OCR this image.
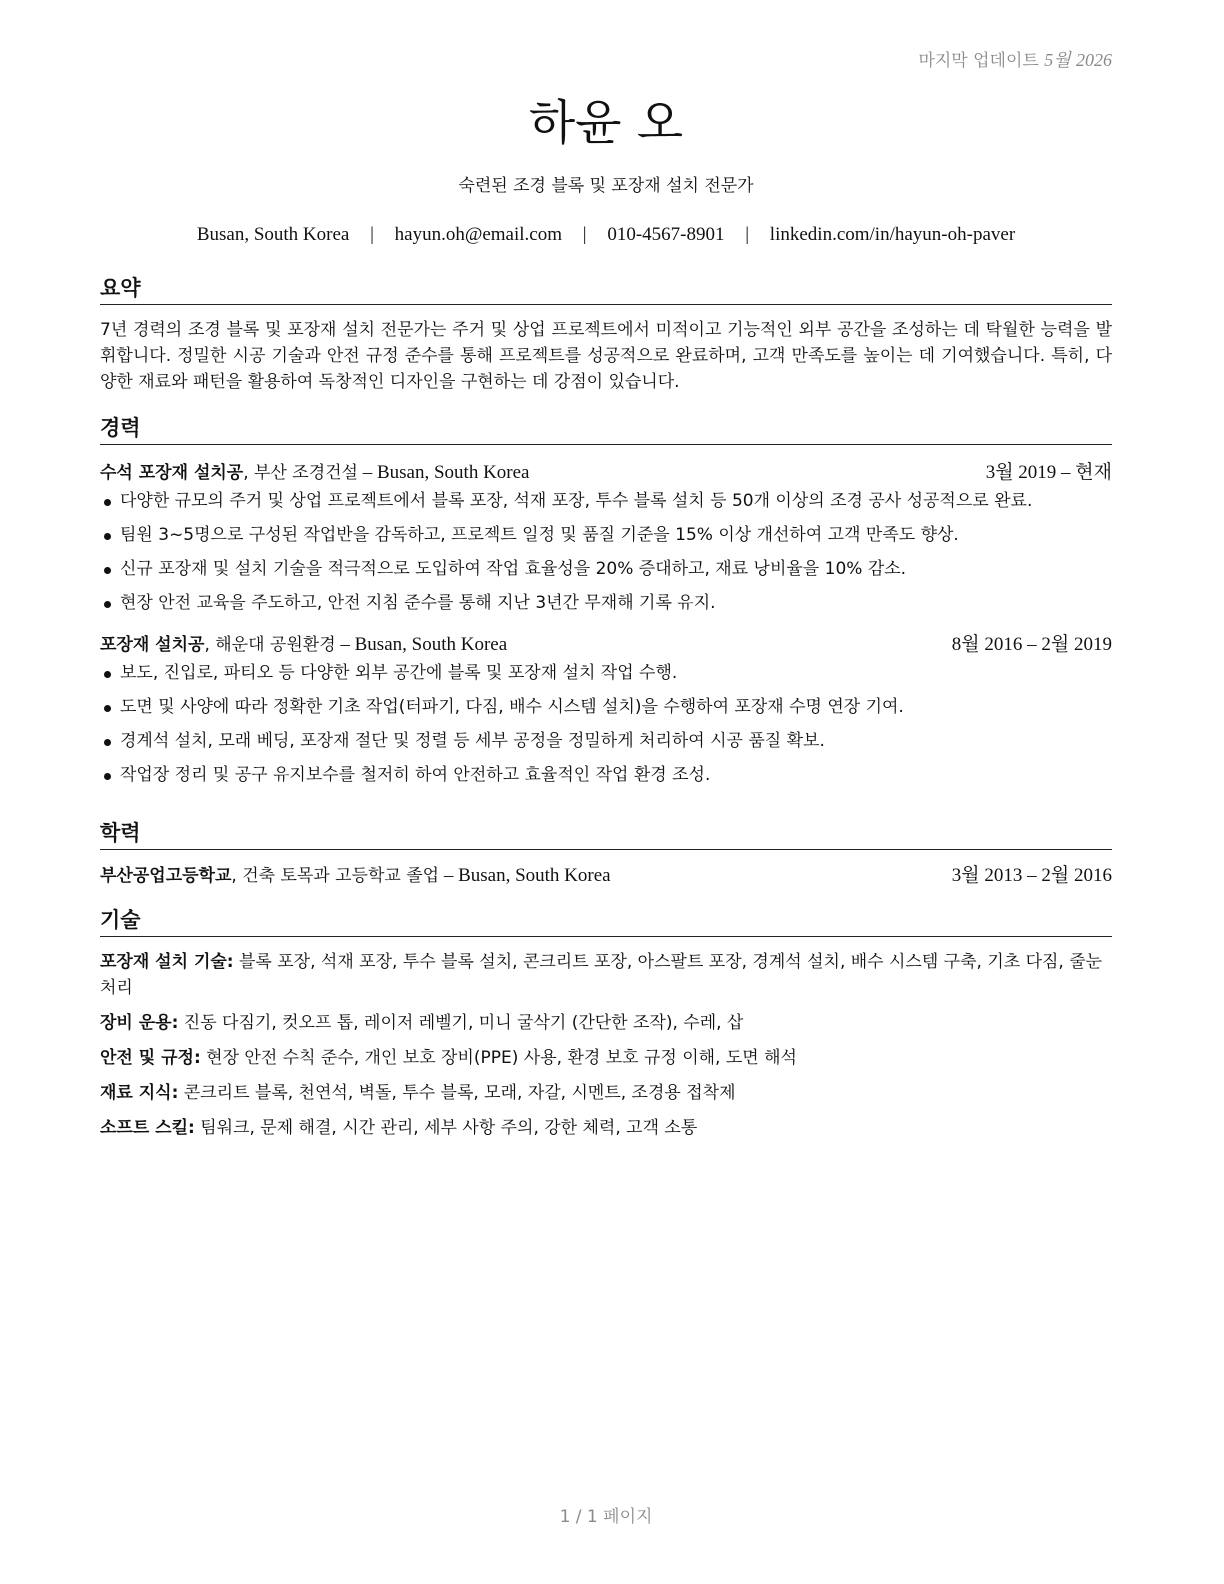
마지막 업데이트 5월 2026
하윤 오
숙련된 조경 블록 및 포장재 설치 전문가
Busan, South Korea | hayun.oh@email.com | 010-4567-8901 | linkedin.com/in/hayun-oh-paver
요약
7년 경력의 조경 블록 및 포장재 설치 전문가는 주거 및 상업 프로젝트에서 미적이고 기능적인 외부 공간을 조성하는 데 탁월한 능력을 발휘합니다. 정밀한 시공 기술과 안전 규정 준수를 통해 프로젝트를 성공적으로 완료하며, 고객 만족도를 높이는 데 기여했습니다. 특히, 다양한 재료와 패턴을 활용하여 독창적인 디자인을 구현하는 데 강점이 있습니다.
경력
수석 포장재 설치공, 부산 조경건설 – Busan, South Korea	3월 2019 – 현재
다양한 규모의 주거 및 상업 프로젝트에서 블록 포장, 석재 포장, 투수 블록 설치 등 50개 이상의 조경 공사 성공적으로 완료.
팀원 3~5명으로 구성된 작업반을 감독하고, 프로젝트 일정 및 품질 기준을 15% 이상 개선하여 고객 만족도 향상.
신규 포장재 및 설치 기술을 적극적으로 도입하여 작업 효율성을 20% 증대하고, 재료 낭비율을 10% 감소.
현장 안전 교육을 주도하고, 안전 지침 준수를 통해 지난 3년간 무재해 기록 유지.
포장재 설치공, 해운대 공원환경 – Busan, South Korea	8월 2016 – 2월 2019
보도, 진입로, 파티오 등 다양한 외부 공간에 블록 및 포장재 설치 작업 수행.
도면 및 사양에 따라 정확한 기초 작업(터파기, 다짐, 배수 시스템 설치)을 수행하여 포장재 수명 연장 기여.
경계석 설치, 모래 베딩, 포장재 절단 및 정렬 등 세부 공정을 정밀하게 처리하여 시공 품질 확보.
작업장 정리 및 공구 유지보수를 철저히 하여 안전하고 효율적인 작업 환경 조성.
학력
부산공업고등학교, 건축 토목과 고등학교 졸업 – Busan, South Korea	3월 2013 – 2월 2016
기술
포장재 설치 기술: 블록 포장, 석재 포장, 투수 블록 설치, 콘크리트 포장, 아스팔트 포장, 경계석 설치, 배수 시스템 구축, 기초 다짐, 줄눈 처리
장비 운용: 진동 다짐기, 컷오프 톱, 레이저 레벨기, 미니 굴삭기 (간단한 조작), 수레, 삽
안전 및 규정: 현장 안전 수칙 준수, 개인 보호 장비(PPE) 사용, 환경 보호 규정 이해, 도면 해석
재료 지식: 콘크리트 블록, 천연석, 벽돌, 투수 블록, 모래, 자갈, 시멘트, 조경용 접착제
소프트 스킬: 팀워크, 문제 해결, 시간 관리, 세부 사항 주의, 강한 체력, 고객 소통
1 / 1 페이지
